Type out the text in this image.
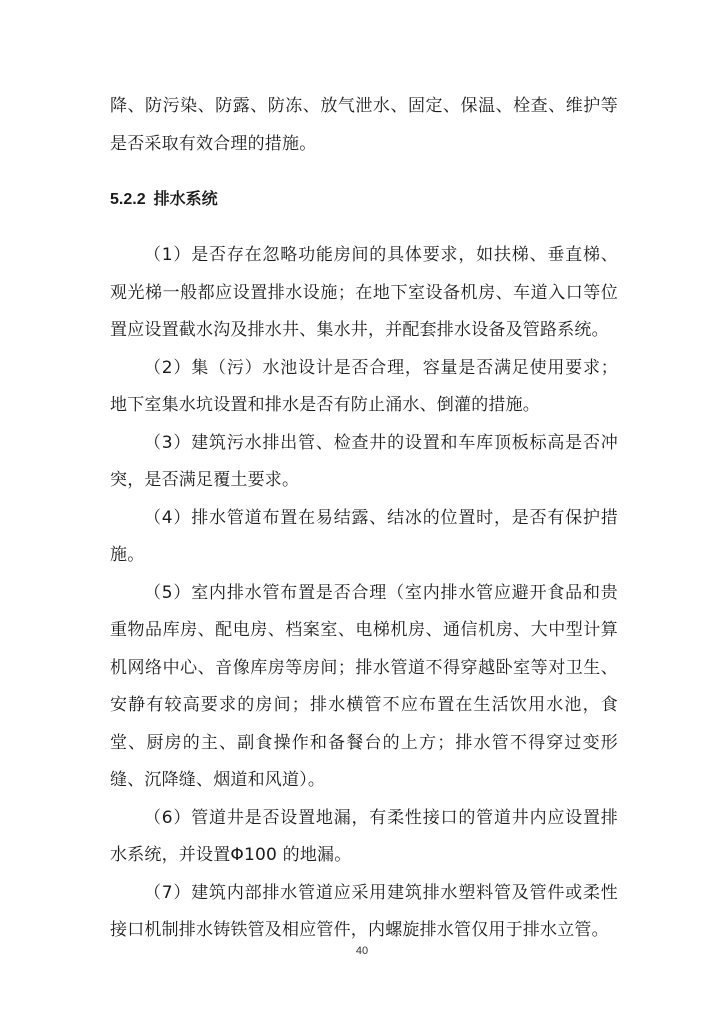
降、防污染、防露、防冻、放气泄水、固定、保温、栓查、维护等是否采取有效合理的措施。

5.2.2 排水系统

（1）是否存在忽略功能房间的具体要求，如扶梯、垂直梯、观光梯一般都应设置排水设施；在地下室设备机房、车道入口等位置应设置截水沟及排水井、集水井，并配套排水设备及管路系统。

（2）集（污）水池设计是否合理，容量是否满足使用要求；地下室集水坑设置和排水是否有防止涌水、倒灌的措施。

（3）建筑污水排出管、检查井的设置和车库顶板标高是否冲突，是否满足覆土要求。

（4）排水管道布置在易结露、结冰的位置时，是否有保护措施。

（5）室内排水管布置是否合理（室内排水管应避开食品和贵重物品库房、配电房、档案室、电梯机房、通信机房、大中型计算机网络中心、音像库房等房间；排水管道不得穿越卧室等对卫生、安静有较高要求的房间；排水横管不应布置在生活饮用水池，食堂、厨房的主、副食操作和备餐台的上方；排水管不得穿过变形缝、沉降缝、烟道和风道）。

（6）管道井是否设置地漏，有柔性接口的管道井内应设置排水系统，并设置Φ100 的地漏。

（7）建筑内部排水管道应采用建筑排水塑料管及管件或柔性接口机制排水铸铁管及相应管件，内螺旋排水管仅用于排水立管。

40
